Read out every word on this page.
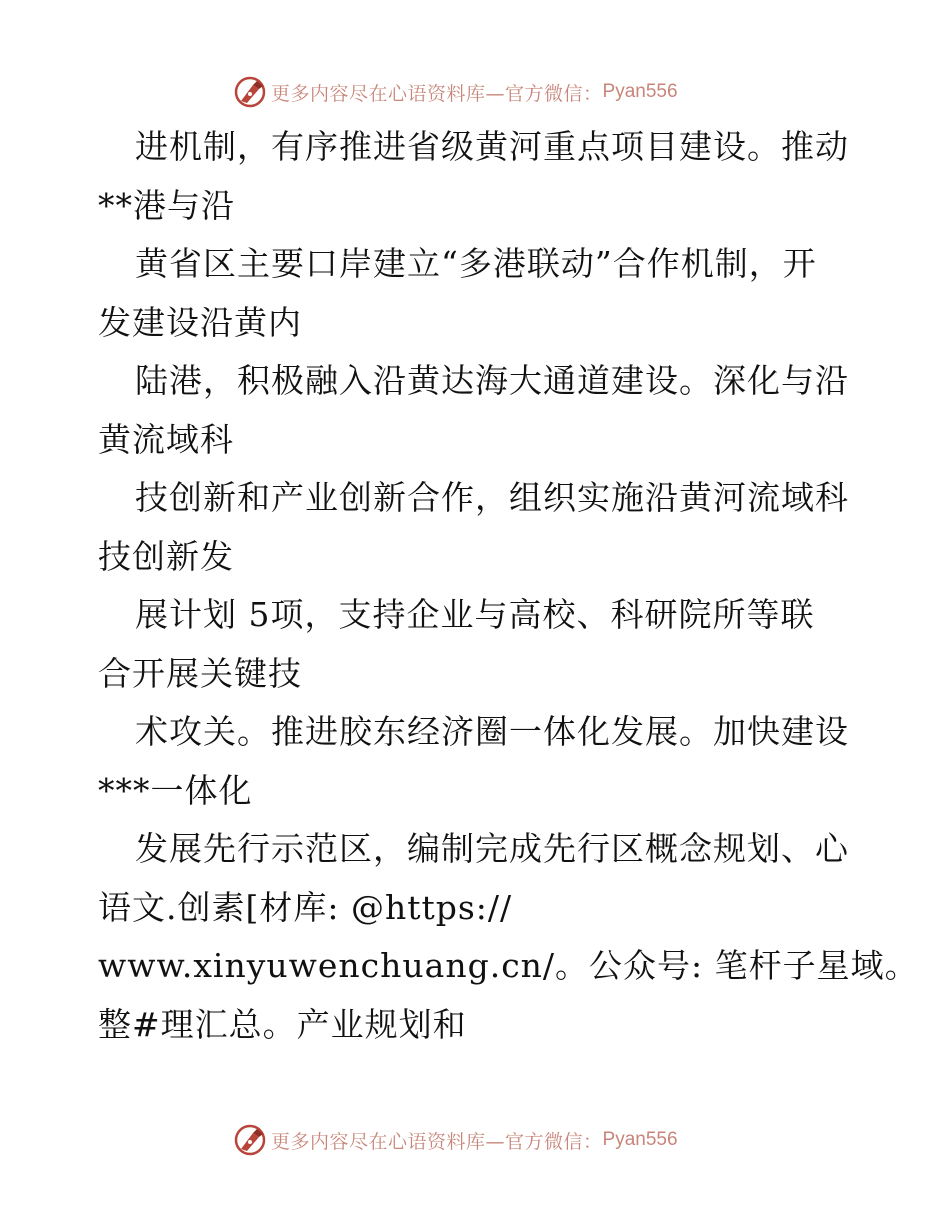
更多内容尽在心语资料库—官方微信： Pyan556
进机制，有序推进省级黄河重点项目建设。推动
**港与沿
黄省区主要口岸建立“多港联动”合作机制，开
发建设沿黄内
陆港，积极融入沿黄达海大通道建设。深化与沿
黄流域科
技创新和产业创新合作，组织实施沿黄河流域科
技创新发
展计划 5项，支持企业与高校、科研院所等联
合开展关键技
术攻关。推进胶东经济圈一体化发展。加快建设
***一体化
发展先行示范区，编制完成先行区概念规划、心
语文.创素[材库: @https://
www.xinyuwenchuang.cn/。公众号: 笔杆子星域。
整#理汇总。产业规划和
更多内容尽在心语资料库—官方微信： Pyan556
